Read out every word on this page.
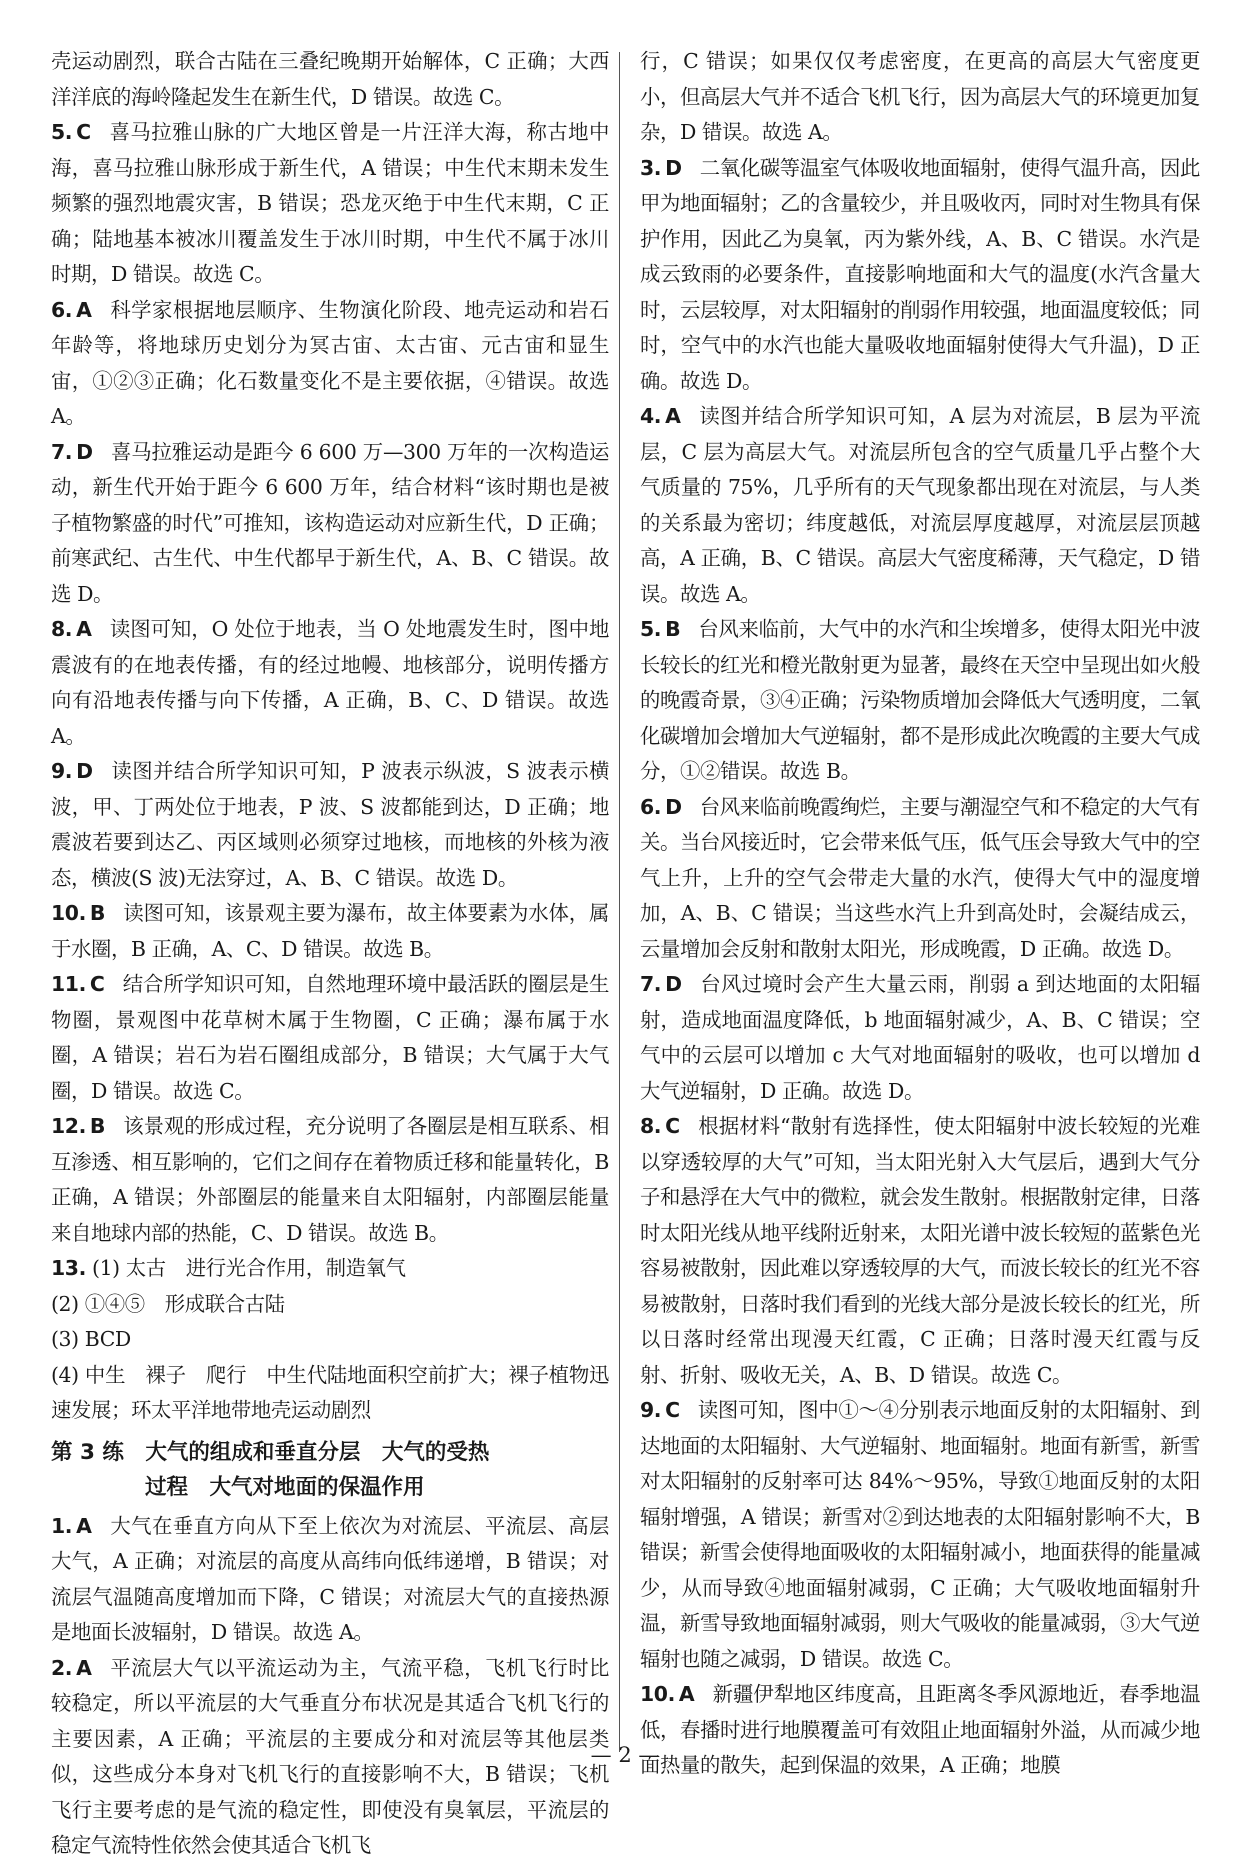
壳运动剧烈，联合古陆在三叠纪晚期开始解体，C 正确；大西洋洋底的海岭隆起发生在新生代，D 错误。故选 C。

5. C 喜马拉雅山脉的广大地区曾是一片汪洋大海，称古地中海，喜马拉雅山脉形成于新生代，A 错误；中生代末期未发生频繁的强烈地震灾害，B 错误；恐龙灭绝于中生代末期，C 正确；陆地基本被冰川覆盖发生于冰川时期，中生代不属于冰川时期，D 错误。故选 C。

6. A 科学家根据地层顺序、生物演化阶段、地壳运动和岩石年龄等，将地球历史划分为冥古宙、太古宙、元古宙和显生宙，①②③正确；化石数量变化不是主要依据，④错误。故选 A。

7. D 喜马拉雅运动是距今 6 600 万—300 万年的一次构造运动，新生代开始于距今 6 600 万年，结合材料“该时期也是被子植物繁盛的时代”可推知，该构造运动对应新生代，D 正确；前寒武纪、古生代、中生代都早于新生代，A、B、C 错误。故选 D。

8. A 读图可知，O 处位于地表，当 O 处地震发生时，图中地震波有的在地表传播，有的经过地幔、地核部分，说明传播方向有沿地表传播与向下传播，A 正确，B、C、D 错误。故选 A。

9. D 读图并结合所学知识可知，P 波表示纵波，S 波表示横波，甲、丁两处位于地表，P 波、S 波都能到达，D 正确；地震波若要到达乙、丙区域则必须穿过地核，而地核的外核为液态，横波(S 波)无法穿过，A、B、C 错误。故选 D。

10. B 读图可知，该景观主要为瀑布，故主体要素为水体，属于水圈，B 正确，A、C、D 错误。故选 B。

11. C 结合所学知识可知，自然地理环境中最活跃的圈层是生物圈，景观图中花草树木属于生物圈，C 正确；瀑布属于水圈，A 错误；岩石为岩石圈组成部分，B 错误；大气属于大气圈，D 错误。故选 C。

12. B 该景观的形成过程，充分说明了各圈层是相互联系、相互渗透、相互影响的，它们之间存在着物质迁移和能量转化，B 正确，A 错误；外部圈层的能量来自太阳辐射，内部圈层能量来自地球内部的热能，C、D 错误。故选 B。

13. (1) 太古　进行光合作用，制造氧气

(2) ①④⑤　形成联合古陆

(3) BCD

(4) 中生　裸子　爬行　中生代陆地面积空前扩大；裸子植物迅速发展；环太平洋地带地壳运动剧烈

第 3 练　大气的组成和垂直分层　大气的受热
过程　大气对地面的保温作用

1. A 大气在垂直方向从下至上依次为对流层、平流层、高层大气，A 正确；对流层的高度从高纬向低纬递增，B 错误；对流层气温随高度增加而下降，C 错误；对流层大气的直接热源是地面长波辐射，D 错误。故选 A。

2. A 平流层大气以平流运动为主，气流平稳，飞机飞行时比较稳定，所以平流层的大气垂直分布状况是其适合飞机飞行的主要因素，A 正确；平流层的主要成分和对流层等其他层类似，这些成分本身对飞机飞行的直接影响不大，B 错误；飞机飞行主要考虑的是气流的稳定性，即使没有臭氧层，平流层的稳定气流特性依然会使其适合飞机飞

行，C 错误；如果仅仅考虑密度，在更高的高层大气密度更小，但高层大气并不适合飞机飞行，因为高层大气的环境更加复杂，D 错误。故选 A。

3. D 二氧化碳等温室气体吸收地面辐射，使得气温升高，因此甲为地面辐射；乙的含量较少，并且吸收丙，同时对生物具有保护作用，因此乙为臭氧，丙为紫外线，A、B、C 错误。水汽是成云致雨的必要条件，直接影响地面和大气的温度(水汽含量大时，云层较厚，对太阳辐射的削弱作用较强，地面温度较低；同时，空气中的水汽也能大量吸收地面辐射使得大气升温)，D 正确。故选 D。

4. A 读图并结合所学知识可知，A 层为对流层，B 层为平流层，C 层为高层大气。对流层所包含的空气质量几乎占整个大气质量的 75%，几乎所有的天气现象都出现在对流层，与人类的关系最为密切；纬度越低，对流层厚度越厚，对流层层顶越高，A 正确，B、C 错误。高层大气密度稀薄，天气稳定，D 错误。故选 A。

5. B 台风来临前，大气中的水汽和尘埃增多，使得太阳光中波长较长的红光和橙光散射更为显著，最终在天空中呈现出如火般的晚霞奇景，③④正确；污染物质增加会降低大气透明度，二氧化碳增加会增加大气逆辐射，都不是形成此次晚霞的主要大气成分，①②错误。故选 B。

6. D 台风来临前晚霞绚烂，主要与潮湿空气和不稳定的大气有关。当台风接近时，它会带来低气压，低气压会导致大气中的空气上升，上升的空气会带走大量的水汽，使得大气中的湿度增加，A、B、C 错误；当这些水汽上升到高处时，会凝结成云，云量增加会反射和散射太阳光，形成晚霞，D 正确。故选 D。

7. D 台风过境时会产生大量云雨，削弱 a 到达地面的太阳辐射，造成地面温度降低，b 地面辐射减少，A、B、C 错误；空气中的云层可以增加 c 大气对地面辐射的吸收，也可以增加 d 大气逆辐射，D 正确。故选 D。

8. C 根据材料“散射有选择性，使太阳辐射中波长较短的光难以穿透较厚的大气”可知，当太阳光射入大气层后，遇到大气分子和悬浮在大气中的微粒，就会发生散射。根据散射定律，日落时太阳光线从地平线附近射来，太阳光谱中波长较短的蓝紫色光容易被散射，因此难以穿透较厚的大气，而波长较长的红光不容易被散射，日落时我们看到的光线大部分是波长较长的红光，所以日落时经常出现漫天红霞，C 正确；日落时漫天红霞与反射、折射、吸收无关，A、B、D 错误。故选 C。

9. C 读图可知，图中①～④分别表示地面反射的太阳辐射、到达地面的太阳辐射、大气逆辐射、地面辐射。地面有新雪，新雪对太阳辐射的反射率可达 84%～95%，导致①地面反射的太阳辐射增强，A 错误；新雪对②到达地表的太阳辐射影响不大，B 错误；新雪会使得地面吸收的太阳辐射减小，地面获得的能量减少，从而导致④地面辐射减弱，C 正确；大气吸收地面辐射升温，新雪导致地面辐射减弱，则大气吸收的能量减弱，③大气逆辐射也随之减弱，D 错误。故选 C。

10. A 新疆伊犁地区纬度高，且距离冬季风源地近，春季地温低，春播时进行地膜覆盖可有效阻止地面辐射外溢，从而减少地面热量的散失，起到保温的效果，A 正确；地膜

— 2 —
